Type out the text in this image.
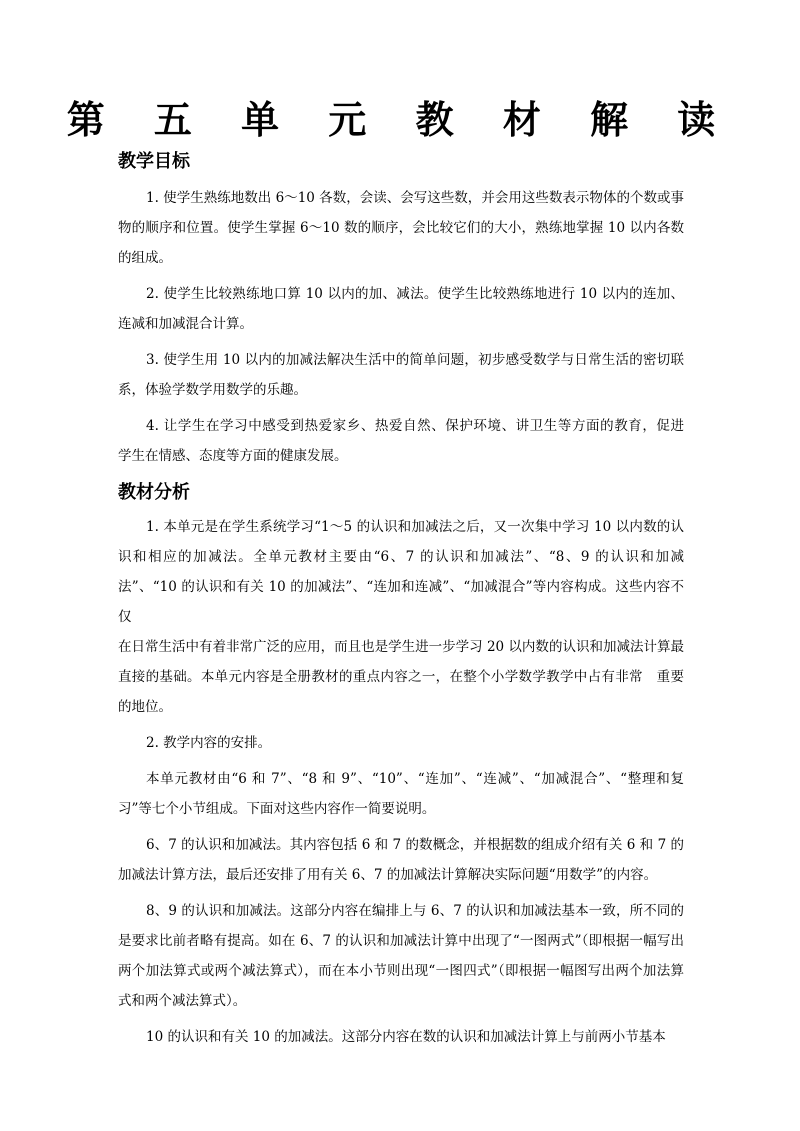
第 五 单 元 教 材 解 读
教学目标

1. 使学生熟练地数出 6～10 各数，会读、会写这些数，并会用这些数表示物体的个数或事物的顺序和位置。使学生掌握 6～10 数的顺序，会比较它们的大小，熟练地掌握 10 以内各数的组成。

2. 使学生比较熟练地口算 10 以内的加、减法。使学生比较熟练地进行 10 以内的连加、连减和加减混合计算。

3. 使学生用 10 以内的加减法解决生活中的简单问题，初步感受数学与日常生活的密切联系，体验学数学用数学的乐趣。

4. 让学生在学习中感受到热爱家乡、热爱自然、保护环境、讲卫生等方面的教育，促进　学生在情感、态度等方面的健康发展。

教材分析

1. 本单元是在学生系统学习“1～5 的认识和加减法之后，又一次集中学习 10 以内数的认识和相应的加减法。全单元教材主要由“6、7 的认识和加减法”、“8、9 的认识和加减法”、“10 的认识和有关 10 的加减法”、“连加和连减”、“加减混合”等内容构成。这些内容不仅

在日常生活中有着非常广泛的应用，而且也是学生进一步学习 20 以内数的认识和加减法计算最直接的基础。本单元内容是全册教材的重点内容之一，在整个小学数学教学中占有非常　重要的地位。

2. 教学内容的安排。

本单元教材由“6 和 7”、“8 和 9”、“10”、“连加”、“连减”、“加减混合”、“整理和复习”等七个小节组成。下面对这些内容作一简要说明。

6、7 的认识和加减法。其内容包括 6 和 7 的数概念，并根据数的组成介绍有关 6 和 7 的加减法计算方法，最后还安排了用有关 6、7 的加减法计算解决实际问题“用数学”的内容。

8、9 的认识和加减法。这部分内容在编排上与 6、7 的认识和加减法基本一致，所不同的是要求比前者略有提高。如在 6、7 的认识和加减法计算中出现了“一图两式”（即根据一幅写出两个加法算式或两个减法算式），而在本小节则出现“一图四式”（即根据一幅图写出两个加法算式和两个减法算式）。

10 的认识和有关 10 的加减法。这部分内容在数的认识和加减法计算上与前两小节基本
